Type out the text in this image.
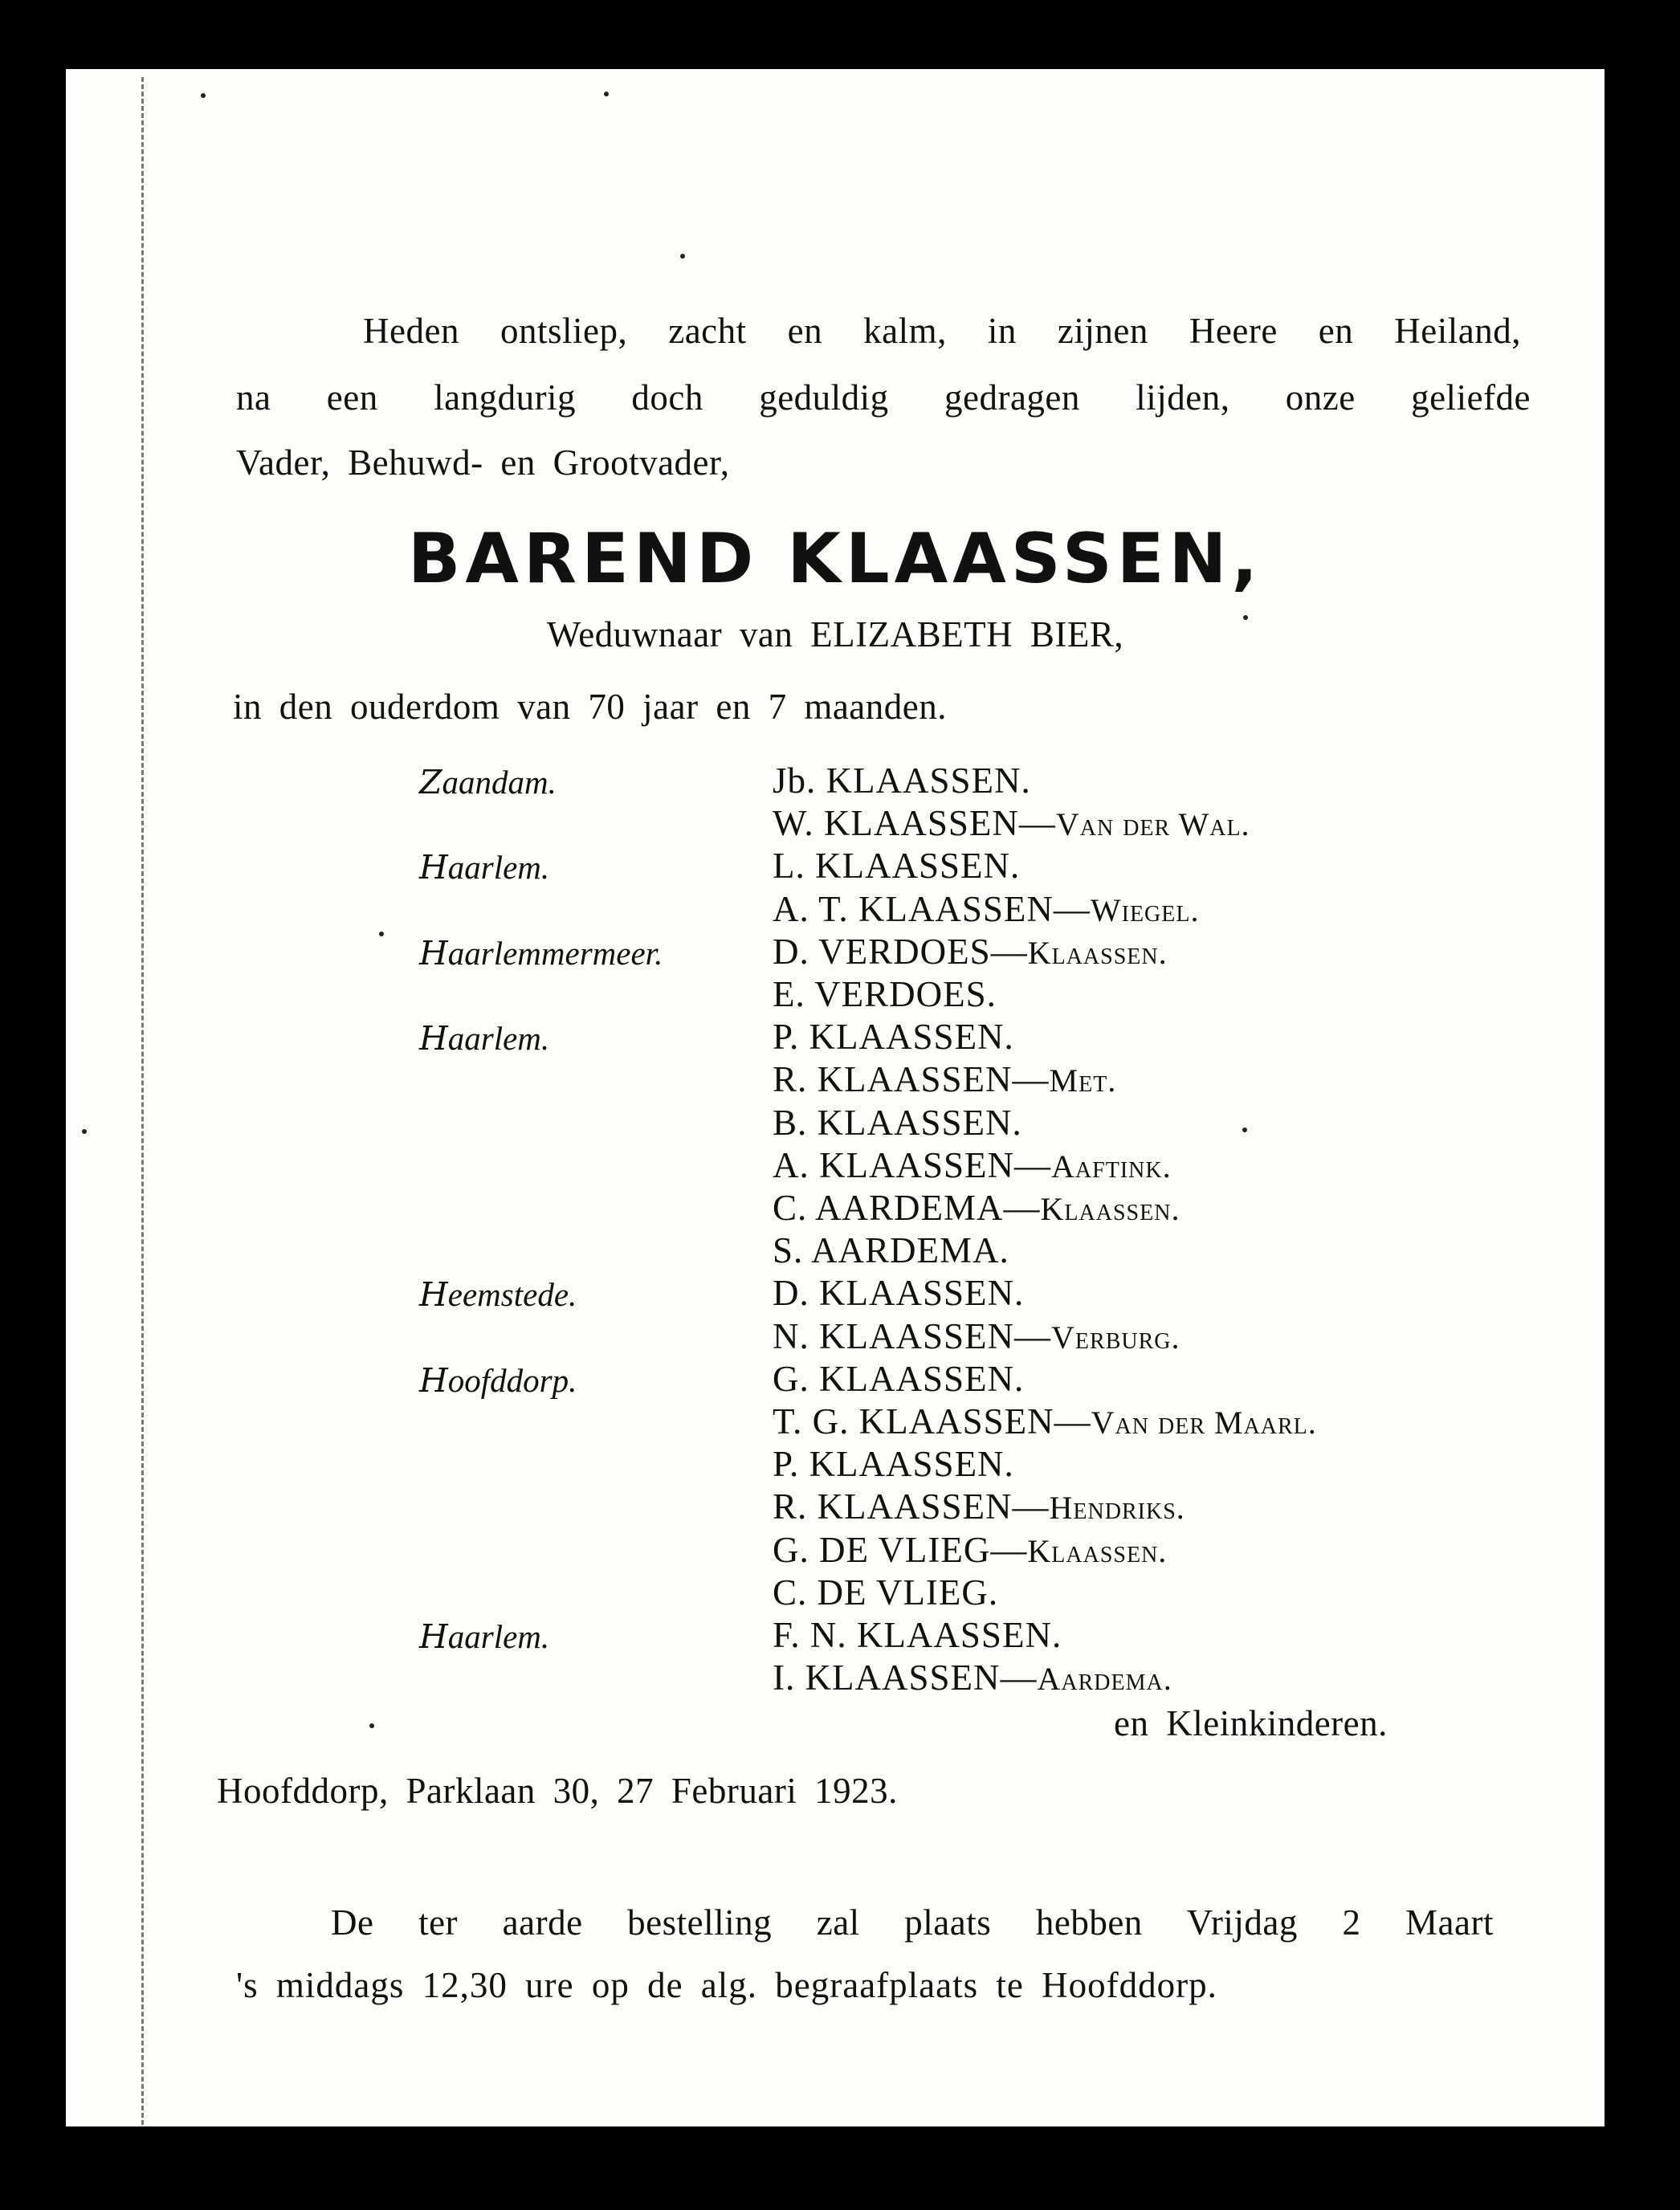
Heden ontsliep, zacht en kalm, in zijnen Heere en Heiland,
na een langdurig doch geduldig gedragen lijden, onze geliefde
Vader, Behuwd- en Grootvader,
BAREND KLAASSEN,
Weduwnaar van ELIZABETH BIER,
in den ouderdom van 70 jaar en 7 maanden.
Zaandam.	Jb. KLAASSEN.
W. KLAASSEN—Van der Wal.
Haarlem.	L. KLAASSEN.
A. T. KLAASSEN—Wiegel.
Haarlemmermeer.	D. VERDOES—Klaassen.
E. VERDOES.
Haarlem.	P. KLAASSEN.
R. KLAASSEN—Met.
B. KLAASSEN.
A. KLAASSEN—Aaftink.
C. AARDEMA—Klaassen.
S. AARDEMA.
Heemstede.	D. KLAASSEN.
N. KLAASSEN—Verburg.
Hoofddorp.	G. KLAASSEN.
T. G. KLAASSEN—Van der Maarl.
P. KLAASSEN.
R. KLAASSEN—Hendriks.
G. DE VLIEG—Klaassen.
C. DE VLIEG.
Haarlem.	F. N. KLAASSEN.
I. KLAASSEN—Aardema.
en Kleinkinderen.
Hoofddorp, Parklaan 30, 27 Februari 1923.
De ter aarde bestelling zal plaats hebben Vrijdag 2 Maart
's middags 12,30 ure op de alg. begraafplaats te Hoofddorp.
